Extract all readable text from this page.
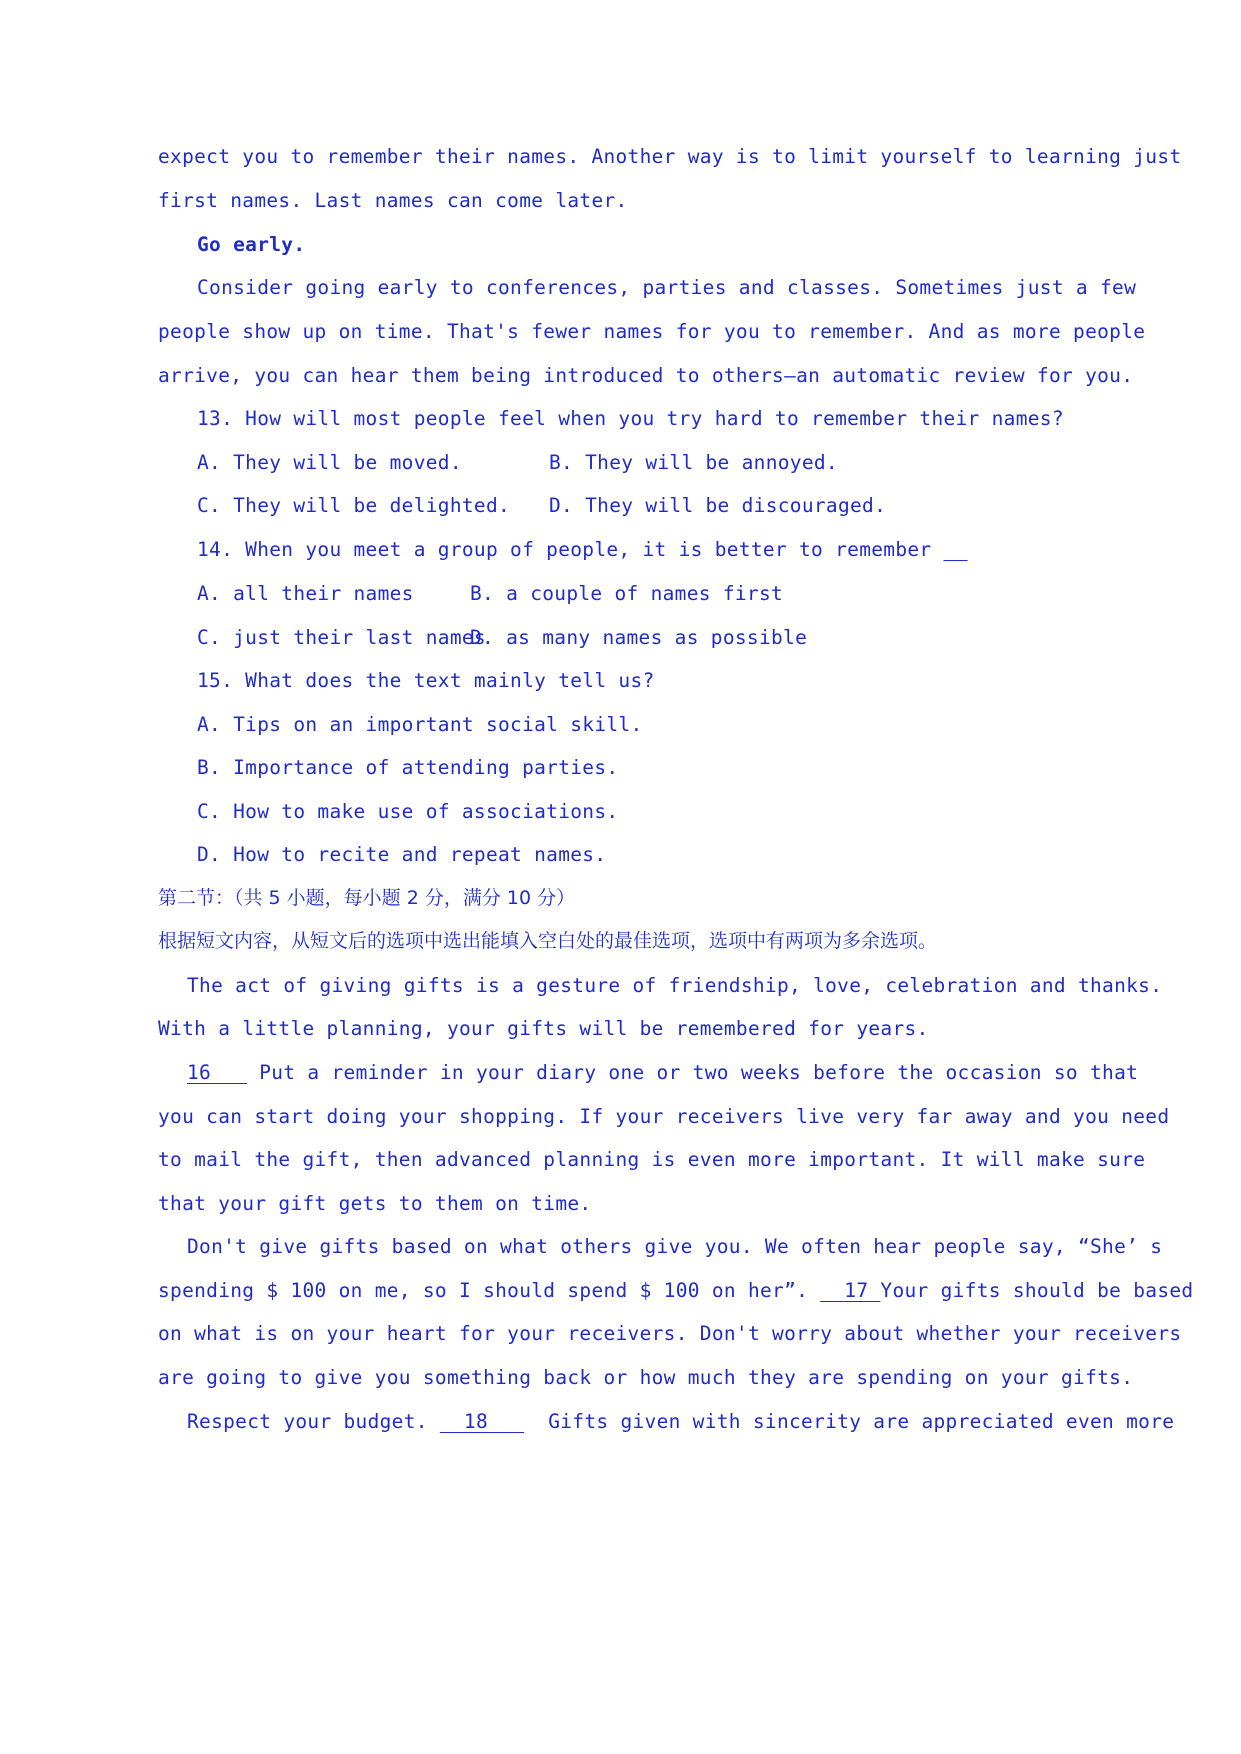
expect you to remember their names. Another way is to limit yourself to learning just
first names. Last names can come later.
Go early.
Consider going early to conferences, parties and classes. Sometimes just a few
people show up on time. That's fewer names for you to remember. And as more people
arrive, you can hear them being introduced to others—an automatic review for you.
13. How will most people feel when you try hard to remember their names?
A. They will be moved.	B. They will be annoyed.
C. They will be delighted. D. They will be discouraged.
14. When you meet a group of people, it is better to remember
A. all their names	B. a couple of names first
C. just their last names
D. as many names as possible
15. What does the text mainly tell us?
A. Tips on an important social skill.
B. Importance of attending parties.
C. How to make use of associations.
D. How to recite and repeat names.
第二节：（共 5 小题，每小题 2 分，满分 10 分）
根据短文内容，从短文后的选项中选出能填入空白处的最佳选项，选项中有两项为多余选项。
The act of giving gifts is a gesture of friendship, love, celebration and thanks.
With a little planning, your gifts will be remembered for years.
16    Put a reminder in your diary one or two weeks before the occasion so that
you can start doing your shopping. If your receivers live very far away and you need
to mail the gift, then advanced planning is even more important. It will make sure
that your gift gets to them on time.
Don't give gifts based on what others give you. We often hear people say, “She’ s
spending $ 100 on me, so I should spend $ 100 on her”.   17 Your gifts should be based
on what is on your heart for your receivers. Don't worry about whether your receivers
are going to give you something back or how much they are spending on your gifts.
Respect your budget.   18     Gifts given with sincerity are appreciated even more
